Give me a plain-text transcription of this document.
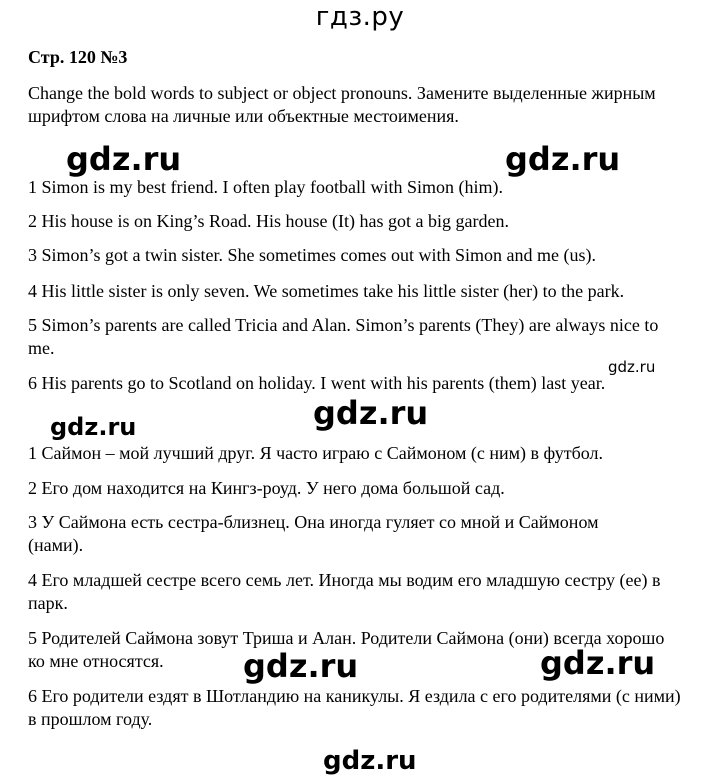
гдз.ру
Стр. 120 №3

Change the bold words to subject or object pronouns. Замените выделенные жирным шрифтом слова на личные или объектные местоимения.

gdz.ru	gdz.ru

1 Simon is my best friend. I often play football with Simon (him).

2 His house is on King’s Road. His house (It) has got a big garden.

3 Simon’s got a twin sister. She sometimes comes out with Simon and me (us).

4 His little sister is only seven. We sometimes take his little sister (her) to the park.

5 Simon’s parents are called Tricia and Alan. Simon’s parents (They) are always nice to me.

gdz.ru

6 His parents go to Scotland on holiday. I went with his parents (them) last year.

gdz.ru
gdz.ru

1 Саймон – мой лучший друг. Я часто играю с Саймоном (с ним) в футбол.

2 Его дом находится на Кингз-роуд. У него дома большой сад.

3 У Саймона есть сестра-близнец. Она иногда гуляет со мной и Саймоном (нами).

4 Его младшей сестре всего семь лет. Иногда мы водим его младшую сестру (ее) в парк.

5 Родителей Саймона зовут Триша и Алан. Родители Саймона (они) всегда хорошо ко мне относятся.	gdz.ru	gdz.ru

6 Его родители ездят в Шотландию на каникулы. Я ездила с его родителями (с ними) в прошлом году.

gdz.ru
